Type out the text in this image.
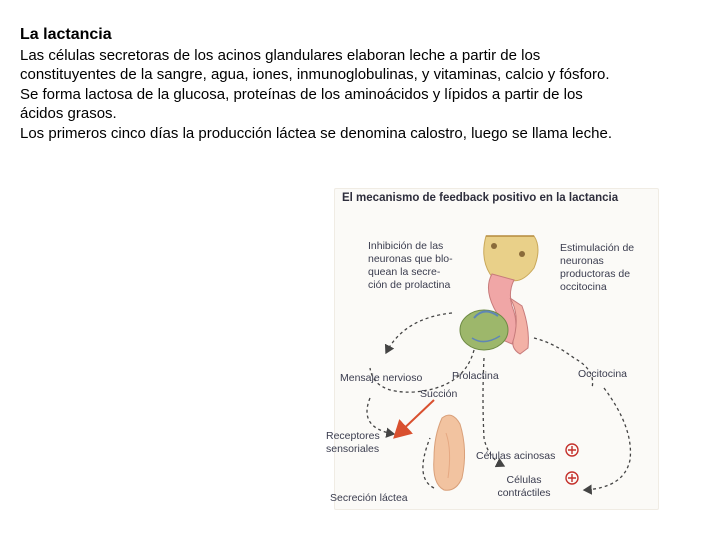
La lactancia

Las células secretoras de los acinos glandulares elaboran leche a partir de los constituyentes de la sangre, agua, iones, inmunoglobulinas, y vitaminas, calcio y fósforo. Se forma lactosa de la glucosa, proteínas de los aminoácidos y lípidos a partir de los ácidos grasos.

Los primeros cinco días la producción láctea se denomina calostro, luego se llama leche.

El mecanismo de feedback positivo en la lactancia
Inhibición de las neuronas que blo- quean la secre- ción de prolactina
Estimulación de neuronas productoras de occitocina
Mensaje nervioso	Prolactina	Occitocina
Succión
Receptores sensoriales
Células acinosas
Células contráctiles
Secreción láctea
